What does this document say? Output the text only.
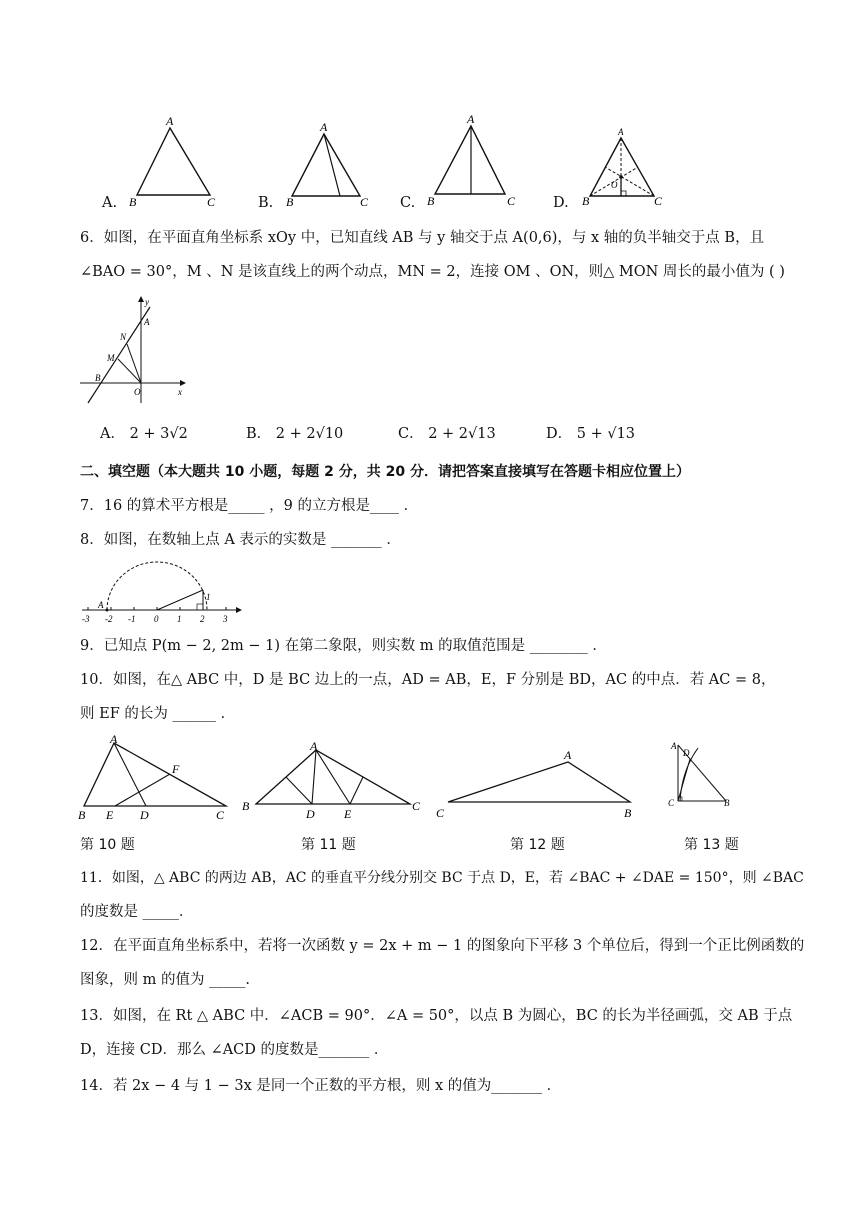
A.
A
B	C	B.
A
B	C C.
A
B	C	D.
A
B	C
O
6．如图，在平面直角坐标系 xOy 中，已知直线 AB 与 y 轴交于点 A(0,6)，与 x 轴的负半轴交于点 B，且
∠BAO = 30°，M 、N 是该直线上的两个动点，MN = 2，连接 OM 、ON，则△ MON 周长的最小值为 ( )
y
A
N
M
B
O	x
A． 2 + 3√2	B． 2 + 2√10	C． 2 + 2√13	D． 5 + √13
二、填空题（本大题共 10 小题，每题 2 分，共 20 分．请把答案直接填写在答题卡相应位置上）
7．16 的算术平方根是_____ ，9 的立方根是____ ．
8．如图，在数轴上点 A 表示的实数是 _______ ．
-3 -2 -1 0 1 2 3
A
1
9．已知点 P(m − 2, 2m − 1) 在第二象限，则实数 m 的取值范围是 ________ ．
10．如图，在△ ABC 中，D 是 BC 边上的一点，AD = AB，E，F 分别是 BD，AC 的中点．若 AC = 8，
则 EF 的长为 ______ ．
A
B E D	C
F
A
B
D E
C
A
C	B
A
D
C	B
第 10 题	第 11 题	第 12 题	第 13 题
11．如图，△ ABC 的两边 AB，AC 的垂直平分线分别交 BC 于点 D，E，若 ∠BAC + ∠DAE = 150°，则 ∠BAC
的度数是 _____．
12．在平面直角坐标系中，若将一次函数 y = 2x + m − 1 的图象向下平移 3 个单位后，得到一个正比例函数的
图象，则 m 的值为 _____.
13．如图，在 Rt △ ABC 中．∠ACB = 90°．∠A = 50°，以点 B 为圆心，BC 的长为半径画弧，交 AB 于点
D，连接 CD．那么 ∠ACD 的度数是_______ ．
14．若 2x − 4 与 1 − 3x 是同一个正数的平方根，则 x 的值为_______ ．
